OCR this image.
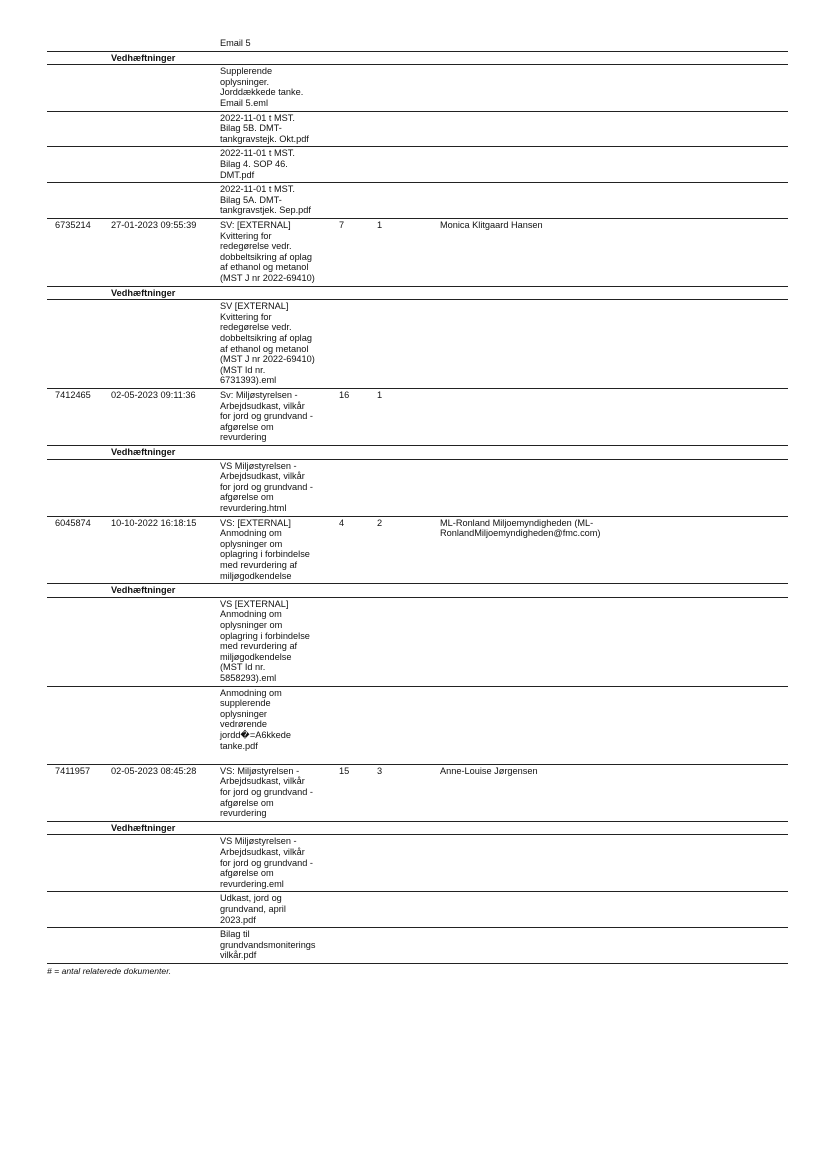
Email 5
Vedhæftninger
Supplerende
oplysninger.
Jorddækkede tanke.
Email 5.eml
2022-11-01 t MST.
Bilag 5B. DMT-
tankgravstejk. Okt.pdf
2022-11-01 t MST.
Bilag 4. SOP 46.
DMT.pdf
2022-11-01 t MST.
Bilag 5A. DMT-
tankgravstjek. Sep.pdf
6735214	27-01-2023 09:55:39	SV: [EXTERNAL]
Kvittering for
redegørelse vedr.
dobbeltsikring af oplag
af ethanol og metanol
(MST J nr 2022-69410)
7	1	Monica Klitgaard Hansen
Vedhæftninger
SV [EXTERNAL]
Kvittering for
redegørelse vedr.
dobbeltsikring af oplag
af ethanol og metanol
(MST J nr 2022-69410)
(MST Id nr.
6731393).eml
7412465	02-05-2023 09:11:36	Sv: Miljøstyrelsen -
Arbejdsudkast, vilkår
for jord og grundvand -
afgørelse om
revurdering
16	1
Vedhæftninger
VS Miljøstyrelsen -
Arbejdsudkast, vilkår
for jord og grundvand -
afgørelse om
revurdering.html
6045874	10-10-2022 16:18:15	VS: [EXTERNAL]
Anmodning om
oplysninger om
oplagring i forbindelse
med revurdering af
miljøgodkendelse
4	2	ML-Ronland Miljoemyndigheden (ML-
RonlandMiljoemyndigheden@fmc.com)
Vedhæftninger
VS [EXTERNAL]
Anmodning om
oplysninger om
oplagring i forbindelse
med revurdering af
miljøgodkendelse
(MST Id nr.
5858293).eml
Anmodning om
supplerende
oplysninger
vedrørende
jordd�=A6kkede
tanke.pdf

7411957	02-05-2023 08:45:28	VS: Miljøstyrelsen -
Arbejdsudkast, vilkår
for jord og grundvand -
afgørelse om
revurdering
15	3	Anne-Louise Jørgensen
Vedhæftninger
VS Miljøstyrelsen -
Arbejdsudkast, vilkår
for jord og grundvand -
afgørelse om
revurdering.eml
Udkast, jord og
grundvand, april
2023.pdf
Bilag til
grundvandsmoniterings
vilkår.pdf
# = antal relaterede dokumenter.
